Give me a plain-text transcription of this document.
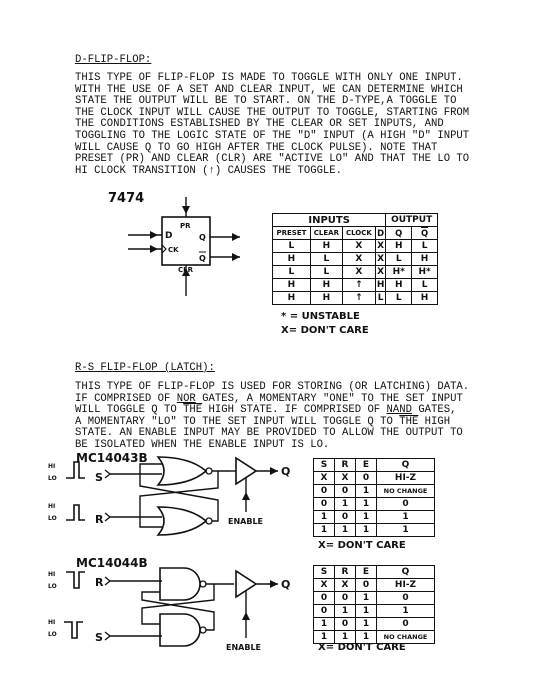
D-FLIP-FLOP:
THIS TYPE OF FLIP-FLOP IS MADE TO TOGGLE WITH ONLY ONE INPUT.
WITH THE USE OF A SET AND CLEAR INPUT, WE CAN DETERMINE WHICH
STATE THE OUTPUT WILL BE TO START. ON THE D-TYPE,A TOGGLE TO
THE CLOCK INPUT WILL CAUSE THE OUTPUT TO TOGGLE, STARTING FROM
THE CONDITIONS ESTABLISHED BY THE CLEAR OR SET INPUTS, AND
TOGGLING TO THE LOGIC STATE OF THE "D" INPUT (A HIGH "D" INPUT
WILL CAUSE Q TO GO HIGH AFTER THE CLOCK PULSE). NOTE THAT
PRESET (PR) AND CLEAR (CLR) ARE "ACTIVE LO" AND THAT THE LO TO
HI CLOCK TRANSITION (↑) CAUSES THE TOGGLE.
7474
D
CK
PR
CLR
Q
Q
INPUTS				OUTPUT	
PRESET	CLEAR	CLOCK	D	Q	$\overline{Q}$
L	H	X	X	H	L
H	L	X	X	L	H
L	L	X	X	H*	H*
H	H	↑	H	H	L
H	H	↑	L	L	H
* = UNSTABLE
X= DON'T CARE
R-S FLIP-FLOP (LATCH):
THIS TYPE OF FLIP-FLOP IS USED FOR STORING (OR LATCHING) DATA.
IF COMPRISED OF NOR GATES, A MOMENTARY "ONE" TO THE SET INPUT
WILL TOGGLE Q TO $\overline{THE}$ HIGH STATE. IF COMPRISED OF NAND GATES,
A MOMENTARY "LO" TO THE SET INPUT WILL TOGGLE Q TO $\overline{THE}$ HIGH
STATE. AN ENABLE INPUT MAY BE PROVIDED TO ALLOW THE OUTPUT TO
BE ISOLATED WHEN THE ENABLE INPUT IS LO.
MC14043B
HI
LO	S
HI
LO	R
Q
ENABLE
MC14044B
HI
LO	R
HI
LO	S
Q
ENABLE
S	R	E	Q
X	X	0	HI-Z
0	0	1	NO CHANGE
0	1	1	0
1	0	1	1
1	1	1	1
X= DON'T CARE
S	R	E	Q
X	X	0	HI-Z
0	0	1	0
0	1	1	1
1	0	1	0
1	1	1	NO CHANGE
X= DON'T CARE
